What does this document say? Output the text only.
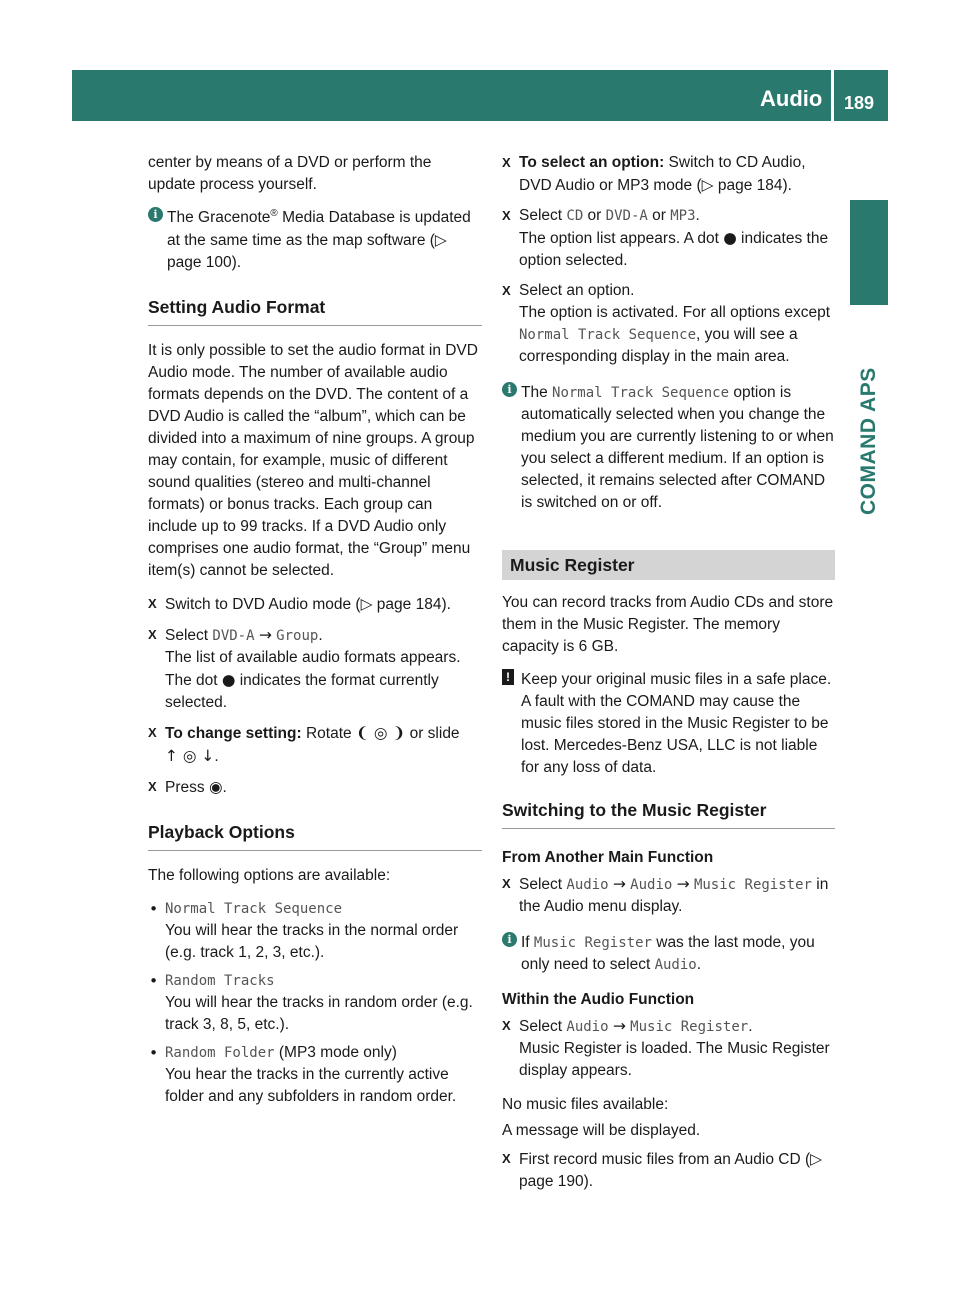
Audio 189
COMAND APS

center by means of a DVD or perform the update process yourself.

i The Gracenote® Media Database is updated at the same time as the map software (▷ page 100).
Setting Audio Format

It is only possible to set the audio format in DVD Audio mode. The number of available audio formats depends on the DVD. The content of a DVD Audio is called the “album”, which can be divided into a maximum of nine groups. A group may contain, for example, music of different sound qualities (stereo and multi-channel formats) or bonus tracks. Each group can include up to 99 tracks. If a DVD Audio only comprises one audio format, the “Group” menu item(s) cannot be selected.

X Switch to DVD Audio mode (▷ page 184).
X Select DVD-A → Group.
The list of available audio formats appears. The dot ● indicates the format currently selected.
X To change setting: Rotate ❨ ◎ ❩ or slide
↑ ◎ ↓.
X Press ◉.
Playback Options

The following options are available:

• Normal Track Sequence
You will hear the tracks in the normal order (e.g. track 1, 2, 3, etc.).
• Random Tracks
You will hear the tracks in random order (e.g. track 3, 8, 5, etc.).
• Random Folder (MP3 mode only)
You hear the tracks in the currently active folder and any subfolders in random order.
X To select an option: Switch to CD Audio, DVD Audio or MP3 mode (▷ page 184).
X Select CD or DVD-A or MP3.
The option list appears. A dot ● indicates the option selected.
X Select an option.
The option is activated. For all options except Normal Track Sequence, you will see a corresponding display in the main area.
i The Normal Track Sequence option is automatically selected when you change the medium you are currently listening to or when you select a different medium. If an option is selected, it remains selected after COMAND is switched on or off.
Music Register

You can record tracks from Audio CDs and store them in the Music Register. The memory capacity is 6 GB.

! Keep your original music files in a safe place. A fault with the COMAND may cause the music files stored in the Music Register to be lost. Mercedes-Benz USA, LLC is not liable for any loss of data.
Switching to the Music Register
From Another Main Function
X Select Audio → Audio → Music Register in the Audio menu display.
i If Music Register was the last mode, you only need to select Audio.
Within the Audio Function
X Select Audio → Music Register.
Music Register is loaded. The Music Register display appears.

No music files available:

A message will be displayed.

X First record music files from an Audio CD (▷ page 190).
